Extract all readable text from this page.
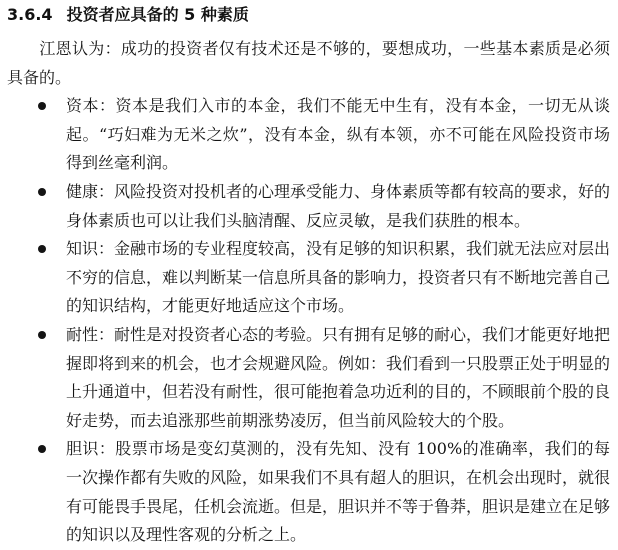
3.6.4 投资者应具备的 5 种素质
江恩认为：成功的投资者仅有技术还是不够的，要想成功，一些基本素质是必须具备的。
资本：资本是我们入市的本金，我们不能无中生有，没有本金，一切无从谈起。“巧妇难为无米之炊”，没有本金，纵有本领，亦不可能在风险投资市场得到丝毫利润。
健康：风险投资对投机者的心理承受能力、身体素质等都有较高的要求，好的身体素质也可以让我们头脑清醒、反应灵敏，是我们获胜的根本。
知识：金融市场的专业程度较高，没有足够的知识积累，我们就无法应对层出不穷的信息，难以判断某一信息所具备的影响力，投资者只有不断地完善自己的知识结构，才能更好地适应这个市场。
耐性：耐性是对投资者心态的考验。只有拥有足够的耐心，我们才能更好地把握即将到来的机会，也才会规避风险。例如：我们看到一只股票正处于明显的上升通道中，但若没有耐性，很可能抱着急功近利的目的，不顾眼前个股的良好走势，而去追涨那些前期涨势凌厉，但当前风险较大的个股。
胆识：股票市场是变幻莫测的，没有先知、没有 100%的准确率，我们的每一次操作都有失败的风险，如果我们不具有超人的胆识，在机会出现时，就很有可能畏手畏尾，任机会流逝。但是，胆识并不等于鲁莽，胆识是建立在足够的知识以及理性客观的分析之上。
